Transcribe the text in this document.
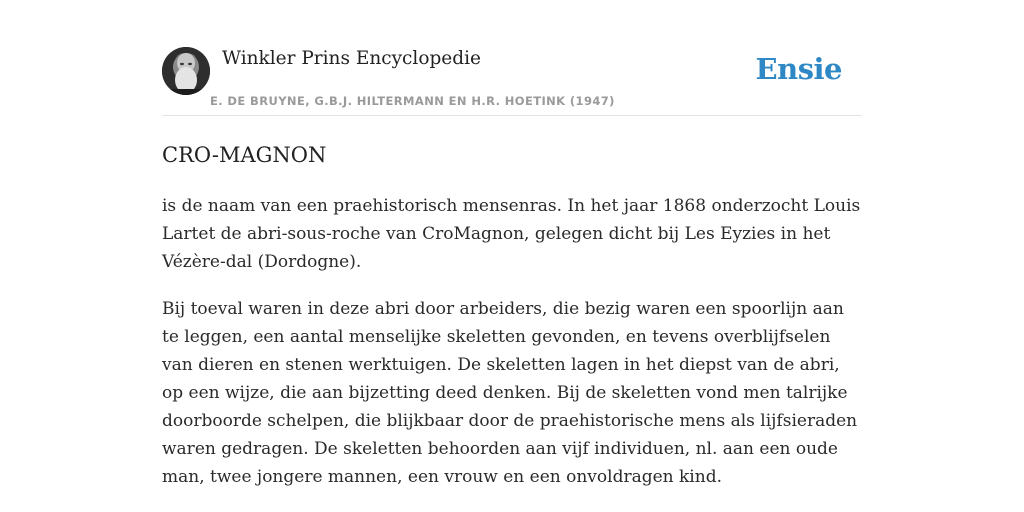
Winkler Prins Encyclopedie
E. DE BRUYNE, G.B.J. HILTERMANN EN H.R. HOETINK (1947)
Ensie
CRO-MAGNON

is de naam van een praehistorisch mensenras. In het jaar 1868 onderzocht Louis Lartet de abri-sous-roche van CroMagnon, gelegen dicht bij Les Eyzies in het Vézère-dal (Dordogne).

Bij toeval waren in deze abri door arbeiders, die bezig waren een spoorlijn aan te leggen, een aantal menselijke skeletten gevonden, en tevens overblijfselen van dieren en stenen werktuigen. De skeletten lagen in het diepst van de abri, op een wijze, die aan bijzetting deed denken. Bij de skeletten vond men talrijke doorboorde schelpen, die blijkbaar door de praehistorische mens als lijfsieraden waren gedragen. De skeletten behoorden aan vijf individuen, nl. aan een oude man, twee jongere mannen, een vrouw en een onvoldragen kind.
